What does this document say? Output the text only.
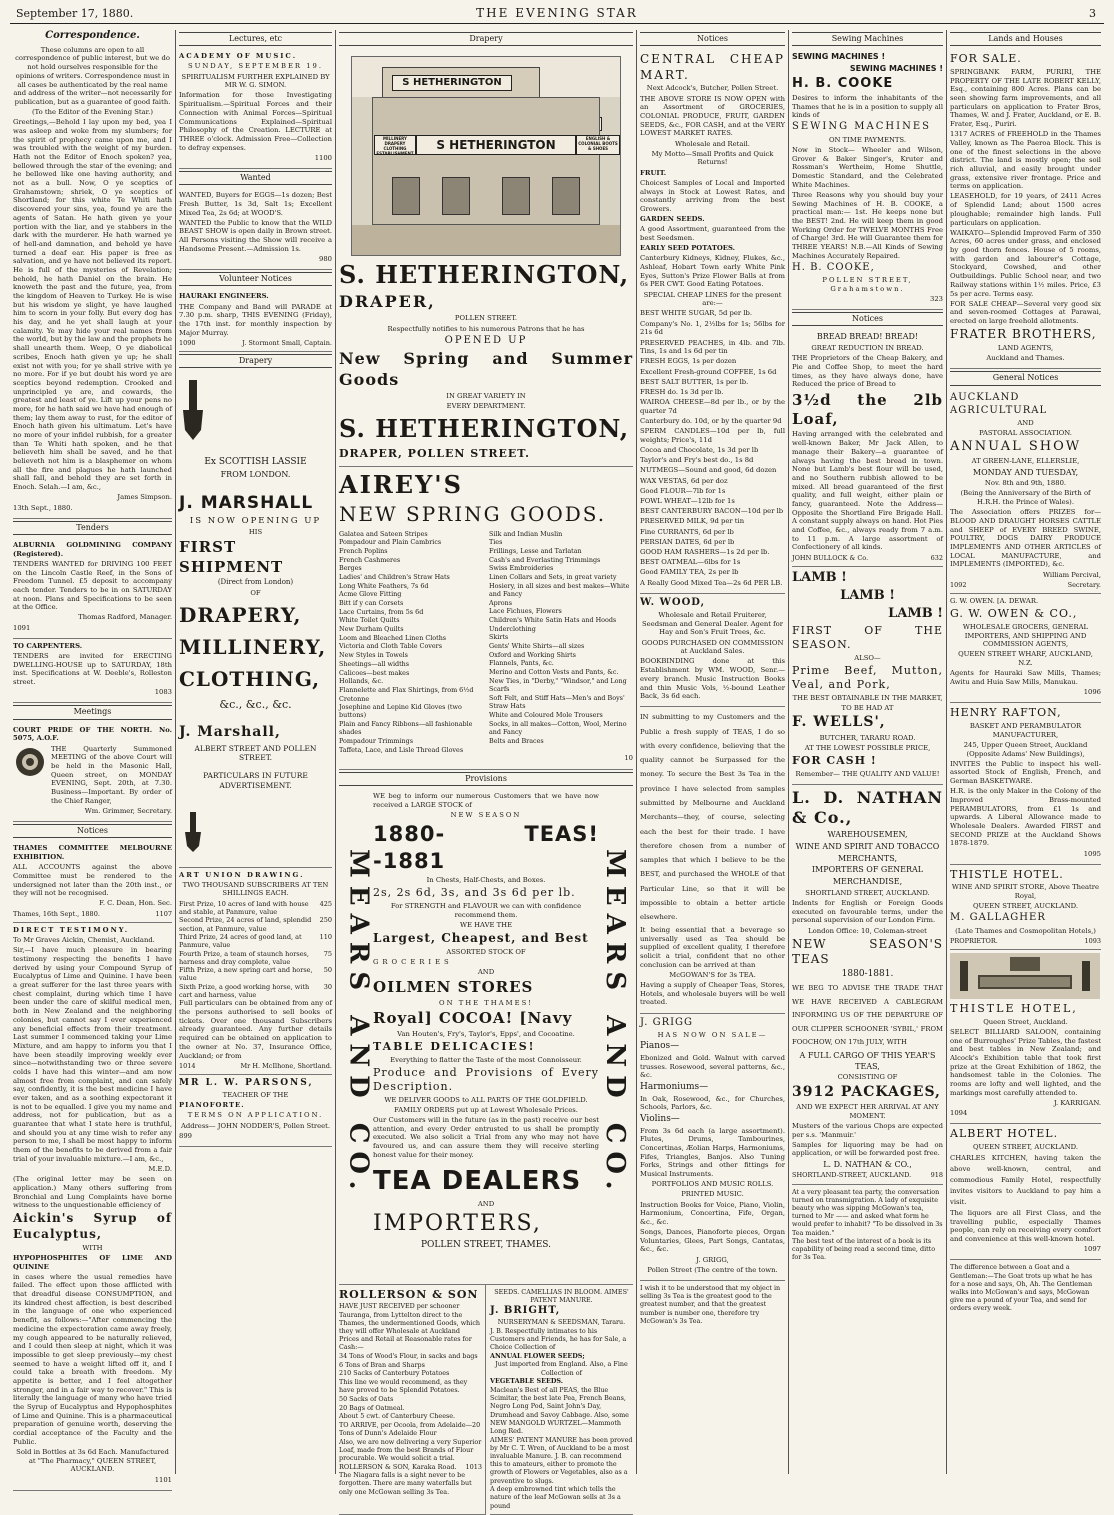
September 17, 1880.	THE EVENING STAR	3
Correspondence.

These columns are open to all correspondence of public interest, but we do not hold ourselves responsible for the opinions of writers. Correspondence must in all cases be authenticated by the real name and address of the writer—not necessarily for publication, but as a guarantee of good faith.

(To the Editor of the Evening Star.)

Greetings,—Behold I lay upon my bed, yea I was asleep and woke from my slumbers; for the spirit of prophecy came upon me, and I was troubled with the weight of my burden. Hath not the Editor of Enoch spoken? yea, bellowed through the star of the evening; and he bellowed like one having authority, and not as a bull. Now, O ye sceptics of Grahamstown; shriek, O ye sceptics of Shortland; for this white Te Whiti hath discovered your sins, yea, found ye are the agents of Satan. He hath given ye your portion with the liar, and ye stabbers in the dark with the murderer. He hath warned ye of hell-and damnation, and behold ye have turned a deaf ear. His paper is free as salvation, and ye have not believed its report. He is full of the mysteries of Revelation; behold, he hath Daniel on the brain. He knoweth the past and the future, yea, from the kingdom of Heaven to Turkey. He is wise but his wisdom ye slight, ye have laughed him to scorn in your folly. But every dog has his day, and he yet shall laugh at your calamity. Ye may hide your real names from the world, but by the law and the prophets he shall unearth them. Weep, O ye diabolical scribes, Enoch hath given ye up; he shall exist not with you; for ye shall strive with ye no more. For if ye but doubt his word ye are sceptics beyond redemption. Crooked and unprincipled ye are, and cowards, the greatest and least of ye. Lift up your pens no more, for he hath said we have had enough of them; lay them away to rust, for the editor of Enoch hath given his ultimatum. Let's have no more of your infidel rubbish, for a greater than Te Whiti hath spoken, and he that believeth him shall be saved, and he that believeth not him is a blasphemer on whom all the fire and plagues he hath launched shall fall, and behold they are set forth in Enoch. Selah.—I am, &c.,

James Simpson.

13th Sept., 1880.

Tenders

ALBURNIA GOLDMINING COMPANY (Registered).

TENDERS WANTED for DRIVING 100 FEET on the Lincoln Castle Reef, in the Sons of Freedom Tunnel. £5 deposit to accompany each tender. Tenders to be in on SATURDAY at noon. Plans and Specifications to be seen at the Office.

Thomas Radford, Manager.

1091

TO CARPENTERS.

TENDERS are invited for ERECTING DWELLING-HOUSE up to SATURDAY, 18th inst. Specifications at W. Deeble's, Rolleston street.

1083

Meetings

COURT PRIDE OF THE NORTH. No. 5075, A.O.F.

THE Quarterly Summoned MEETING of the above Court will be held in the Masonic Hall, Queen street, on MONDAY EVENING, Sept. 20th, at 7.30. Business—Important. By order of the Chief Ranger,

Wm. Grimmer, Secretary.

Notices

THAMES COMMITTEE MELBOURNE EXHIBITION.

ALL ACCOUNTS against the above Committee must be rendered to the undersigned not later than the 20th inst., or they will not be recognised.

F. C. Dean, Hon. Sec.

Thames, 16th Sept., 1880.	1107

DIRECT TESTIMONY.

To Mr Graves Aickin, Chemist, Auckland.

Sir,—I have much pleasure in bearing testimony respecting the benefits I have derived by using your Compound Syrup of Eucalyptus of Lime and Quinine. I have been a great sufferer for the last three years with chest complaint, during which time I have been under the care of skilful medical men, both in New Zealand and the neighboring colonies, but cannot say I ever experienced any beneficial effects from their treatment. Last summer I commenced taking your Lime Mixture, and am happy to inform you that I have been steadily improving weekly ever since—notwithstanding two or three severe colds I have had this winter—and am now almost free from complaint, and can safely say, confidently, it is the best medicine I have ever taken, and as a soothing expectorant it is not to be equalled. I give you my name and address, not for publication, but as a guarantee that what I state here is truthful, and should you at any time wish to refer any person to me, I shall be most happy to inform them of the benefits to be derived from a fair trial of your invaluable mixture.—I am, &c.,

M.E.D.

(The original letter may be seen on application.) Many others suffering from Bronchial and Lung Complaints have borne witness to the unquestionable efficiency of

Aickin's Syrup of Eucalyptus,

WITH

HYPOPHOSPHITES OF LIME AND QUININE

in cases where the usual remedies have failed. The effect upon those afflicted with that dreadful disease CONSUMPTION, and its kindred chest affection, is best described in the language of one who experienced benefit, as follows:—"After commencing the medicine the expectoration came away freely, my cough appeared to be naturally relieved, and I could then sleep at night, which it was impossible to get sleep previously—my chest seemed to have a weight lifted off it, and I could take a breath with freedom. My appetite is better, and I feel altogether stronger, and in a fair way to recover." This is literally the language of many who have tried the Syrup of Eucalyptus and Hypophosphites of Lime and Quinine. This is a pharmaceutical preparation of genuine worth, deserving the cordial acceptance of the Faculty and the Public.

Sold in Bottles at 3s 6d Each. Manufactured at "The Pharmacy," QUEEN STREET, AUCKLAND.

1101

Lectures, etc

ACADEMY OF MUSIC.

SUNDAY, SEPTEMBER 19.

SPIRITUALISM FURTHER EXPLAINED BY MR W. G. SIMON.

Information for those Investigating Spiritualism.—Spiritual Forces and their Connection with Animal Forces—Spiritual Communications Explained—Spiritual Philosophy of the Creation. LECTURE at THREE o'clock. Admission Free—Collection to defray expenses.

1100

Wanted

WANTED, Buyers for EGGS—1s dozen; Best Fresh Butter, 1s 3d, Salt 1s; Excellent Mixed Tea, 2s 6d; at WOOD'S.

WANTED the Public to know that the WILD BEAST SHOW is open daily in Brown street. All Persons visiting the Show will receive a Handsome Present.—Admission 1s.

980

Volunteer Notices

HAURAKI ENGINEERS.

THE Company and Band will PARADE at 7.30 p.m. sharp, THIS EVENING (Friday), the 17th inst. for monthly inspection by Major Murray.

1090	J. Stormont Small, Captain.
Drapery

Ex SCOTTISH LASSIE

FROM LONDON.

J. MARSHALL

IS NOW OPENING UP

HIS

FIRST SHIPMENT

(Direct from London)

OF

DRAPERY,

MILLINERY,

CLOTHING,

&c., &c., &c.

J. Marshall,

ALBERT STREET AND POLLEN STREET.

PARTICULARS IN FUTURE ADVERTISEMENT.

ART UNION DRAWING.

TWO THOUSAND SUBSCRIBERS AT TEN SHILLINGS EACH.

First Prize, 10 acres of land with house and stable, at Panmure, value
425
Second Prize, 24 acres of land, splendid section, at Panmure, value
250
Third Prize, 24 acres of good land, at Panmure, value
110
Fourth Prize, a team of staunch horses, harness and dray complete, value
75
Fifth Prize, a new spring cart and horse, value
50
Sixth Prize, a good working horse, with cart and harness, value
30

Full particulars can be obtained from any of the persons authorised to sell books of tickets. Over one thousand Subscribers already guaranteed. Any further details required can be obtained on application to the owner at No. 37, Insurance Office, Auckland; or from

1014	Mr H. McIlhone, Shortland.

MR L. W. PARSONS,

TEACHER OF THE

PIANOFORTE.

TERMS ON APPLICATION.

Address— JOHN NODDER'S, Pollen Street.

899

Drapery
S HETHERINGTON
S HETHERINGTON
MILLINERY DRAPERY CLOTHING ESTABLISHMENT
ENGLISH & COLONIAL BOOTS & SHOES

S. HETHERINGTON,

DRAPER,

POLLEN STREET.

Respectfully notifies to his numerous Patrons that he has

OPENED UP

New Spring and Summer Goods

IN GREAT VARIETY IN

EVERY DEPARTMENT.

S. HETHERINGTON,

DRAPER, POLLEN STREET.

AIREY'S

NEW SPRING GOODS.

Galatea and Sateen Stripes

Pompadour and Plain Cambrics

French Poplins

French Cashmeres

Berges

Ladies' and Children's Straw Hats

Long White Feathers, 7s 6d

Acme Glove Fitting

Bitt if y can Corsets

Lace Curtains, from 5s 6d

White Toilet Quilts

New Durham Quilts

Loom and Bleached Linen Cloths

Victoria and Cloth Table Covers

New Styles in Towels

Sheetings—all widths

Calicoes—best makes

Hollands, &c.

Flannelette and Flax Shirtings, from 6½d

Cretonne

Josephine and Lepine Kid Gloves (two buttons)

Plain and Fancy Ribbons—all fashionable shades

Pompadour Trimmings

Taffeta, Lace, and Lisle Thread Gloves

Silk and Indian Muslin

Ties

Frillings, Lesse and Tarlatan

Cash's and Everlasting Trimmings

Swiss Embroideries

Linen Collars and Sets, in great variety

Hosiery, in all sizes and best makes—White and Fancy

Aprons

Lace Fichues, Flowers

Children's White Satin Hats and Hoods

Underclothing

Skirts

Gents' White Shirts—all sizes

Oxford and Working Shirts

Flannels, Pants, &c.

Merino and Cotton Vests and Pants, &c.

New Ties, in "Derby," "Windsor," and Long Scarfs

Soft Felt, and Stiff Hats—Men's and Boys'

Straw Hats

White and Coloured Mole Trousers

Socks, in all makes—Cotton, Wool, Merino and Fancy

Belts and Braces

10

Provisions
MEARS AND CO.	MEARS AND CO.

WE beg to inform our numerous Customers that we have now received a LARGE STOCK of

NEW SEASON

1880- TEAS! -1881

In Chests, Half-Chests, and Boxes.

2s, 2s 6d, 3s, and 3s 6d per lb.

For STRENGTH and FLAVOUR we can with confidence recommend them.

WE HAVE THE

Largest, Cheapest, and Best

ASSORTED STOCK OF

GROCERIES

AND

OILMEN STORES

ON THE THAMES!

Royal] COCOA! [Navy

Van Houten's, Fry's, Taylor's, Epps', and Cocoatine.

TABLE DELICACIES!

Everything to flatter the Taste of the most Connoisseur.

Produce and Provisions of Every Description.

WE DELIVER GOODS to ALL PARTS OF THE GOLDFIELD.

FAMILY ORDERS put up at Lowest Wholesale Prices.

Our Customers will in the future (as in the past) receive our best attention, and every Order entrusted to us shall be promptly executed. We also solicit a Trial from any who may not have favoured us, and can assure them they will receive sterling honest value for their money.

TEA DEALERS

AND

IMPORTERS,

POLLEN STREET, THAMES.

ROLLERSON & SON

HAVE JUST RECEIVED per schooner Tauranga, from Lyttelton direct to the Thames, the undermentioned Goods, which they will offer Wholesale at Auckland Prices and Retail at Reasonable rates for Cash:—

34 Tons of Wood's Flour, in sacks and bags

6 Tons of Bran and Sharps

210 Sacks of Canterbury Potatoes

This line we would recommend, as they have proved to be Splendid Potatoes.

50 Sacks of Oats

20 Bags of Oatmeal.

About 5 cwt. of Canterbury Cheese.

TO ARRIVE, per Ocoola, from Adelaide—20 Tons of Dunn's Adelaide Flour

Also, we are now delivering a very Superior Loaf, made from the best Brands of Flour procurable. We would solicit a trial.

ROLLERSON & SON, Karaka Road. 1013

The Niagara falls is a sight never to be forgotten. There are many waterfalls but only one McGowan selling 3s Tea.

SEEDS. CAMELLIAS IN BLOOM. AIMES' PATENT MANURE.

J. BRIGHT,

NURSERYMAN & SEEDSMAN, Tararu.

J. B. Respectfully intimates to his Customers and Friends, he has for Sale, a Choice Collection of

ANNUAL FLOWER SEEDS;

Just imported from England. Also, a Fine Collection of

VEGETABLE SEEDS.

Maclean's Best of all PEAS, the Blue Scimitar, the best late Pea, French Beans, Negro Long Pod, Saint John's Day, Drumhead and Savoy Cabbage. Also, some NEW MANGOLD WURTZEL—Mammoth Long Red.

AIMES' PATENT MANURE has been proved by Mr C. T. Wren, of Auckland to be a most invaluable Manure. J. B. can recommend this to amateurs, either to promote the growth of Flowers or Vegetables, also as a preventive to slugs.

A deep embrowned tint which tells the nature of the leaf McGowan sells at 3s a pound

Notices

CENTRAL CHEAP MART.

Next Adcock's, Butcher, Pollen Street.

THE ABOVE STORE IS NOW OPEN with an Assortment of GROCERIES, COLONIAL PRODUCE, FRUIT, GARDEN SEEDS, &c., FOR CASH, and at the VERY LOWEST MARKET RATES.

Wholesale and Retail.

My Motto—Small Profits and Quick Returns!

FRUIT.

Choicest Samples of Local and Imported always in Stock at Lowest Rates, and constantly arriving from the best Growers.

GARDEN SEEDS.

A good Assortment, guaranteed from the best Seedsmen.

EARLY SEED POTATOES.

Canterbury Kidneys, Kidney, Flukes, &c., Ashleaf, Hobart Town early White Pink Eyes, Sutton's Prize Flower Balls at from 6s PER CWT. Good Eating Potatoes.

SPECIAL CHEAP LINES for the present are:—

BEST WHITE SUGAR, 5d per lb.

Company's No. 1, 2½lbs for 1s; 56lbs for 21s 6d

PRESERVED PEACHES, in 4lb. and 7lb. Tins, 1s and 1s 6d per tin

FRESH EGGS, 1s per dozen

Excellent Fresh-ground COFFEE, 1s 6d

BEST SALT BUTTER, 1s per lb.

FRESH do. 1s 3d per lb.

WAIROA CHEESE—8d per lb., or by the quarter 7d

Canterbury do. 10d, or by the quarter 9d

SPERM CANDLES—10d per lb, full weights; Price's, 11d

Cocoa and Chocolate, 1s 3d per lb

Taylor's and Fry's best do., 1s 8d

NUTMEGS—Sound and good, 6d dozen

WAX VESTAS, 6d per doz

Good FLOUR—7lb for 1s

FOWL WHEAT—12lb for 1s

BEST CANTERBURY BACON—10d per lb

PRESERVED MILK, 9d per tin

Fine CURRANTS, 6d per lb

PERSIAN DATES, 6d per lb

GOOD HAM RASHERS—1s 2d per lb.

BEST OATMEAL—6lbs for 1s

Good FAMILY TEA, 2s per lb

A Really Good Mixed Tea—2s 6d PER LB.

W. WOOD,

Wholesale and Retail Fruiterer, Seedsman and General Dealer. Agent for Hay and Son's Fruit Trees, &c.

GOODS PURCHASED ON COMMISSION at Auckland Sales.

BOOKBINDING done at this Establishment by WM. WOOD, Senr.—every branch. Music Instruction Books and thin Music Vols, ½-bound Leather Back, 3s 6d each.

IN submitting to my Customers and the Public a fresh supply of TEAS, I do so with every confidence, believing that the quality cannot be Surpassed for the money. To secure the Best 3s Tea in the province I have selected from samples submitted by Melbourne and Auckland Merchants—they, of course, selecting each the best for their trade. I have therefore chosen from a number of samples that which I believe to be the BEST, and purchased the WHOLE of that Particular Line, so that it will be impossible to obtain a better article elsewhere.

It being essential that a beverage so universally used as Tea should be supplied of excellent quality, I therefore solicit a trial, confident that no other conclusion can be arrived at than

McGOWAN'S for 3s TEA.

Having a supply of Cheaper Teas, Stores, Hotels, and wholesale buyers will be well treated.

J. GRIGG

HAS NOW ON SALE—

Pianos—

Ebonized and Gold. Walnut with carved trusses. Rosewood, several patterns, &c., &c.

Harmoniums—

In Oak, Rosewood, &c., for Churches, Schools, Parlors, &c.

Violins—

From 3s 6d each (a large assortment). Flutes, Drums, Tambourines, Concertinas, Æolian Harps, Harmoniums, Fifes, Triangles, Banjos. Also Tuning Forks, Strings and other fittings for Musical Instruments.

PORTFOLIOS AND MUSIC ROLLS.

PRINTED MUSIC.

Instruction Books for Voice, Piano, Violin, Harmonium, Concertina, Fife, Organ, &c., &c.

Songs, Dances, Pianoforte pieces, Organ Voluntaries, Glees, Part Songs, Cantatas, &c., &c.

J. GRIGG,

Pollen Street (The centre of the town.

I wish it to be understood that my object in selling 3s Tea is the greatest good to the greatest number, and that the greatest number is number one, therefore try McGowan's 3s Tea.

Sewing Machines

SEWING MACHINES !

SEWING MACHINES !

H. B. COOKE

Desires to inform the inhabitants of the Thames that he is in a position to supply all kinds of

SEWING MACHINES

ON TIME PAYMENTS.

Now in Stock— Wheeler and Wilson, Grover & Baker Singer's, Kruter and Rossman's Wertheim, Home Shuttle, Domestic Standard, and the Celebrated White Machines.

Three Reasons why you should buy your Sewing Machines of H. B. COOKE, a practical man:— 1st. He keeps none but the BEST! 2nd. He will keep them in good Working Order for TWELVE MONTHS Free of Charge! 3rd. He will Guarantee them for THREE YEARS! N.B.—All Kinds of Sewing Machines Accurately Repaired.

H. B. COOKE,

POLLEN STREET, Grahamstown.

323

Notices

BREAD BREAD! BREAD!

GREAT REDUCTION IN BREAD.

THE Proprietors of the Cheap Bakery, and Pie and Coffee Shop, to meet the hard times, as they have always done, have Reduced the price of Bread to

3½d the 2lb Loaf,

Having arranged with the celebrated and well-known Baker, Mr Jack Allen, to manage their Bakery—a guarantee of always having the best bread in town. None but Lamb's best flour will be used, and no Southern rubbish allowed to be mixed. All bread guaranteed of the first quality, and full weight, either plain or fancy, guaranteed. Note the Address—Opposite the Shortland Fire Brigade Hall. A constant supply always on hand. Hot Pies and Coffee, &c., always ready from 7 a.m. to 11 p.m. A large assortment of Confectionery of all kinds.

JOHN BULLOCK & Co.	632

LAMB !

LAMB !

LAMB !

FIRST OF THE SEASON.

ALSO—

Prime Beef, Mutton, Veal, and Pork,

THE BEST OBTAINABLE IN THE MARKET,

TO BE HAD AT

F. WELLS',

BUTCHER, TARARU ROAD.

AT THE LOWEST POSSIBLE PRICE,

FOR CASH !

Remember— THE QUALITY AND VALUE!

L. D. NATHAN & Co.,

WAREHOUSEMEN,

WINE AND SPIRIT AND TOBACCO

MERCHANTS,

IMPORTERS OF GENERAL

MERCHANDISE,

SHORTLAND STREET, AUCKLAND.

Indents for English or Foreign Goods executed on favourable terms, under the personal supervision of our London Firm.

London Office: 10, Coleman-street

NEW SEASON'S TEAS

1880-1881.

WE BEG TO ADVISE THE TRADE THAT WE HAVE RECEIVED A CABLEGRAM INFORMING US OF THE DEPARTURE OF OUR CLIPPER SCHOONER 'SYBIL,' FROM FOOCHOW, ON 17th JULY, WITH

A FULL CARGO OF THIS YEAR'S TEAS,

CONSISTING OF

3912 PACKAGES,

AND WE EXPECT HER ARRIVAL AT ANY MOMENT.

Musters of the various Chops are expected per s.s. 'Manmuir.'

Samples for liquoring may be had on application, or will be forwarded post free.

L. D. NATHAN & CO.,

SHORTLAND-STREET, AUCKLAND.	918

At a very pleasant tea party, the conversation turned on transmigration. A lady of exquisite beauty who was sipping McGowan's tea, turned to Mr —— and asked what form he would prefer to inhabit? "To be dissolved in 3s Tea maiden."

The best test of the interest of a book is its capability of being read a second time, ditto for 3s Tea.

Lands and Houses

FOR SALE.

SPRINGBANK FARM, PURIRI, THE PROPERTY OF THE LATE ROBERT KELLY, Esq., containing 800 Acres. Plans can be seen showing farm improvements, and all particulars on application to Frater Bros, Thames, W. and J. Frater, Auckland, or E. B. Frater, Esq., Puriri.

1317 ACRES of FREEHOLD in the Thames Valley, known as The Paeroa Block. This is one of the finest selections in the above district. The land is mostly open; the soil rich alluvial, and easily brought under grass, extensive river frontage. Price and terms on application.

LEASEHOLD, for 19 years, of 2411 Acres of Splendid Land; about 1500 acres ploughable; remainder high lands. Full particulars on application.

WAIKATO—Splendid Improved Farm of 350 Acres, 60 acres under grass, and enclosed by good thorn fences. House of 5 rooms, with garden and labourer's Cottage, Stockyard, Cowshed, and other Outbuildings. Public School near, and two Railway stations within 1½ miles. Price, £3 5s per acre. Terms easy.

FOR SALE CHEAP—Several very good six and seven-roomed Cottages at Parawai, erected on large freehold allotments.

FRATER BROTHERS,

LAND AGENTS,

Auckland and Thames.

General Notices

AUCKLAND AGRICULTURAL

AND

PASTORAL ASSOCIATION.

ANNUAL SHOW

AT GREEN-LANE, ELLERSLIE,

MONDAY AND TUESDAY,

Nov. 8th and 9th, 1880.

(Being the Anniversary of the Birth of H.R.H. the Prince of Wales).

The Association offers PRIZES for— BLOOD AND DRAUGHT HORSES CATTLE and SHEEP of EVERY BREED SWINE, POULTRY, DOGS DAIRY PRODUCE IMPLEMENTS AND OTHER ARTICLES of LOCAL MANUFACTURE, and IMPLEMENTS (IMPORTED), &c.

William Percival,

1092	Secretary.

G. W. OWEN. [A. DEWAR.

G. W. OWEN & CO.,

WHOLESALE GROCERS, GENERAL IMPORTERS, AND SHIPPING AND COMMISSION AGENTS,

QUEEN STREET WHARF, AUCKLAND, N.Z.

Agents for Hauraki Saw Mills, Thames; Awitu and Huia Saw Mills, Manukau.

1096

HENRY RAFTON,

BASKET AND PERAMBULATOR MANUFACTURER,

245, Upper Queen Street, Auckland (Opposite Adams' New Buildings),

INVITES the Public to inspect his well-assorted Stock of English, French, and German BASKETWARE.

H.R. is the only Maker in the Colony of the Improved Brass-mounted PERAMBULATORS, from £1 1s and upwards. A Liberal Allowance made to Wholesale Dealers. Awarded FIRST and SECOND PRIZE at the Auckland Shows 1878-1879.

1095

THISTLE HOTEL.

WINE AND SPIRIT STORE, Above Theatre Royal,

QUEEN STREET, AUCKLAND.

M. GALLAGHER

(Late Thames and Cosmopolitan Hotels,)

PROPRIETOR.	1093

THISTLE HOTEL,

Queen Street, Auckland.

SELECT BILLIARD SALOON, containing one of Burroughes' Prize Tables, the fastest and best tables in New Zealand; and Alcock's Exhibition table that took first prize at the Great Exhibition of 1862, the handsomest table in the Colonies. The rooms are lofty and well lighted, and the markings most carefully attended to.

J. KARRIGAN.

1094

ALBERT HOTEL.

QUEEN STREET, AUCKLAND.

CHARLES KITCHEN, having taken the above well-known, central, and commodious Family Hotel, respectfully invites visitors to Auckland to pay him a visit.

The liquors are all First Class, and the travelling public, especially Thames people, can rely on receiving every comfort and convenience at this well-known hotel.

1097

The difference between a Goat and a Gentleman:—The Goat trots up what he has for a nose and says, Oh, Ah. The Gentleman walks into McGowan's and says, McGowan give me a pound of your Tea, and send for orders every week.
